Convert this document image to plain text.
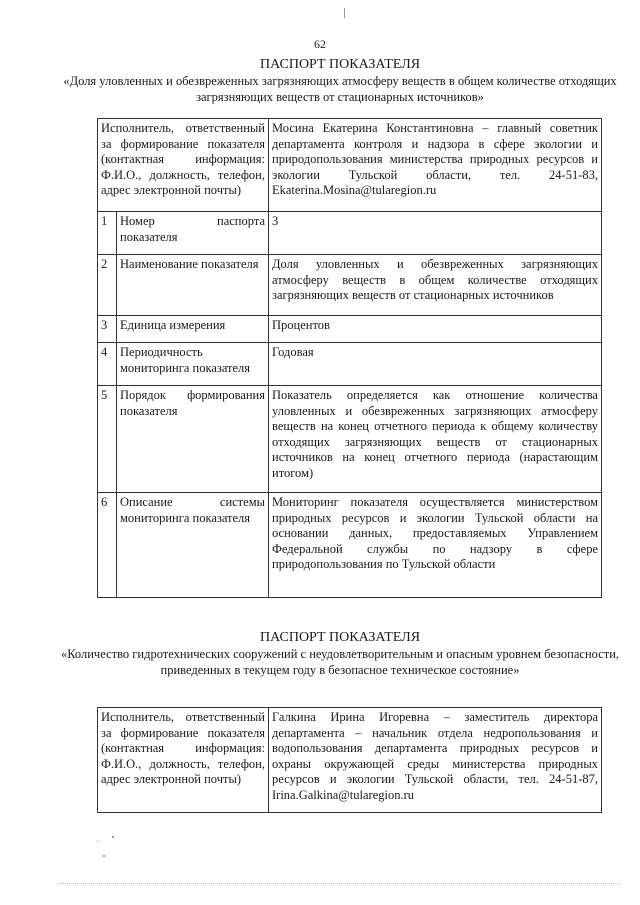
62
ПАСПОРТ ПОКАЗАТЕЛЯ
«Доля уловленных и обезвреженных загрязняющих атмосферу веществ в общем количестве отходящих загрязняющих веществ от стационарных источников»
Исполнитель, ответственный за формирование показателя (контактная информация: Ф.И.О., должность, телефон, адрес электронной почты)		Мосина Екатерина Константиновна – главный советник департамента контроля и надзора в сфере экологии и природопользования министерства природных ресурсов и экологии Тульской области, тел. 24-51-83, Ekaterina.Mosina@tularegion.ru
1	Номер паспорта показателя	3
2	Наименование показателя	Доля уловленных и обезвреженных загрязняющих атмосферу веществ в общем количестве отходящих загрязняющих веществ от стационарных источников
3	Единица измерения	Процентов
4	Периодичность мониторинга показателя	Годовая
5	Порядок формирования показателя	Показатель определяется как отношение количества уловленных и обезвреженных загрязняющих атмосферу веществ на конец отчетного периода к общему количеству отходящих загрязняющих веществ от стационарных источников на конец отчетного периода (нарастающим итогом)
6	Описание системы мониторинга показателя	Мониторинг показателя осуществляется министерством природных ресурсов и экологии Тульской области на основании данных, предоставляемых Управлением Федеральной службы по надзору в сфере природопользования по Тульской области
ПАСПОРТ ПОКАЗАТЕЛЯ
«Количество гидротехнических сооружений с неудовлетворительным и опасным уровнем безопасности, приведенных в текущем году в безопасное техническое состояние»
Исполнитель, ответственный за формирование показателя (контактная информация: Ф.И.О., должность, телефон, адрес электронной почты)	Галкина Ирина Игоревна – заместитель директора департамента – начальник отдела недропользования и водопользования департамента природных ресурсов и охраны окружающей среды министерства природных ресурсов и экологии Тульской области, тел. 24-51-87, Irina.Galkina@tularegion.ru
